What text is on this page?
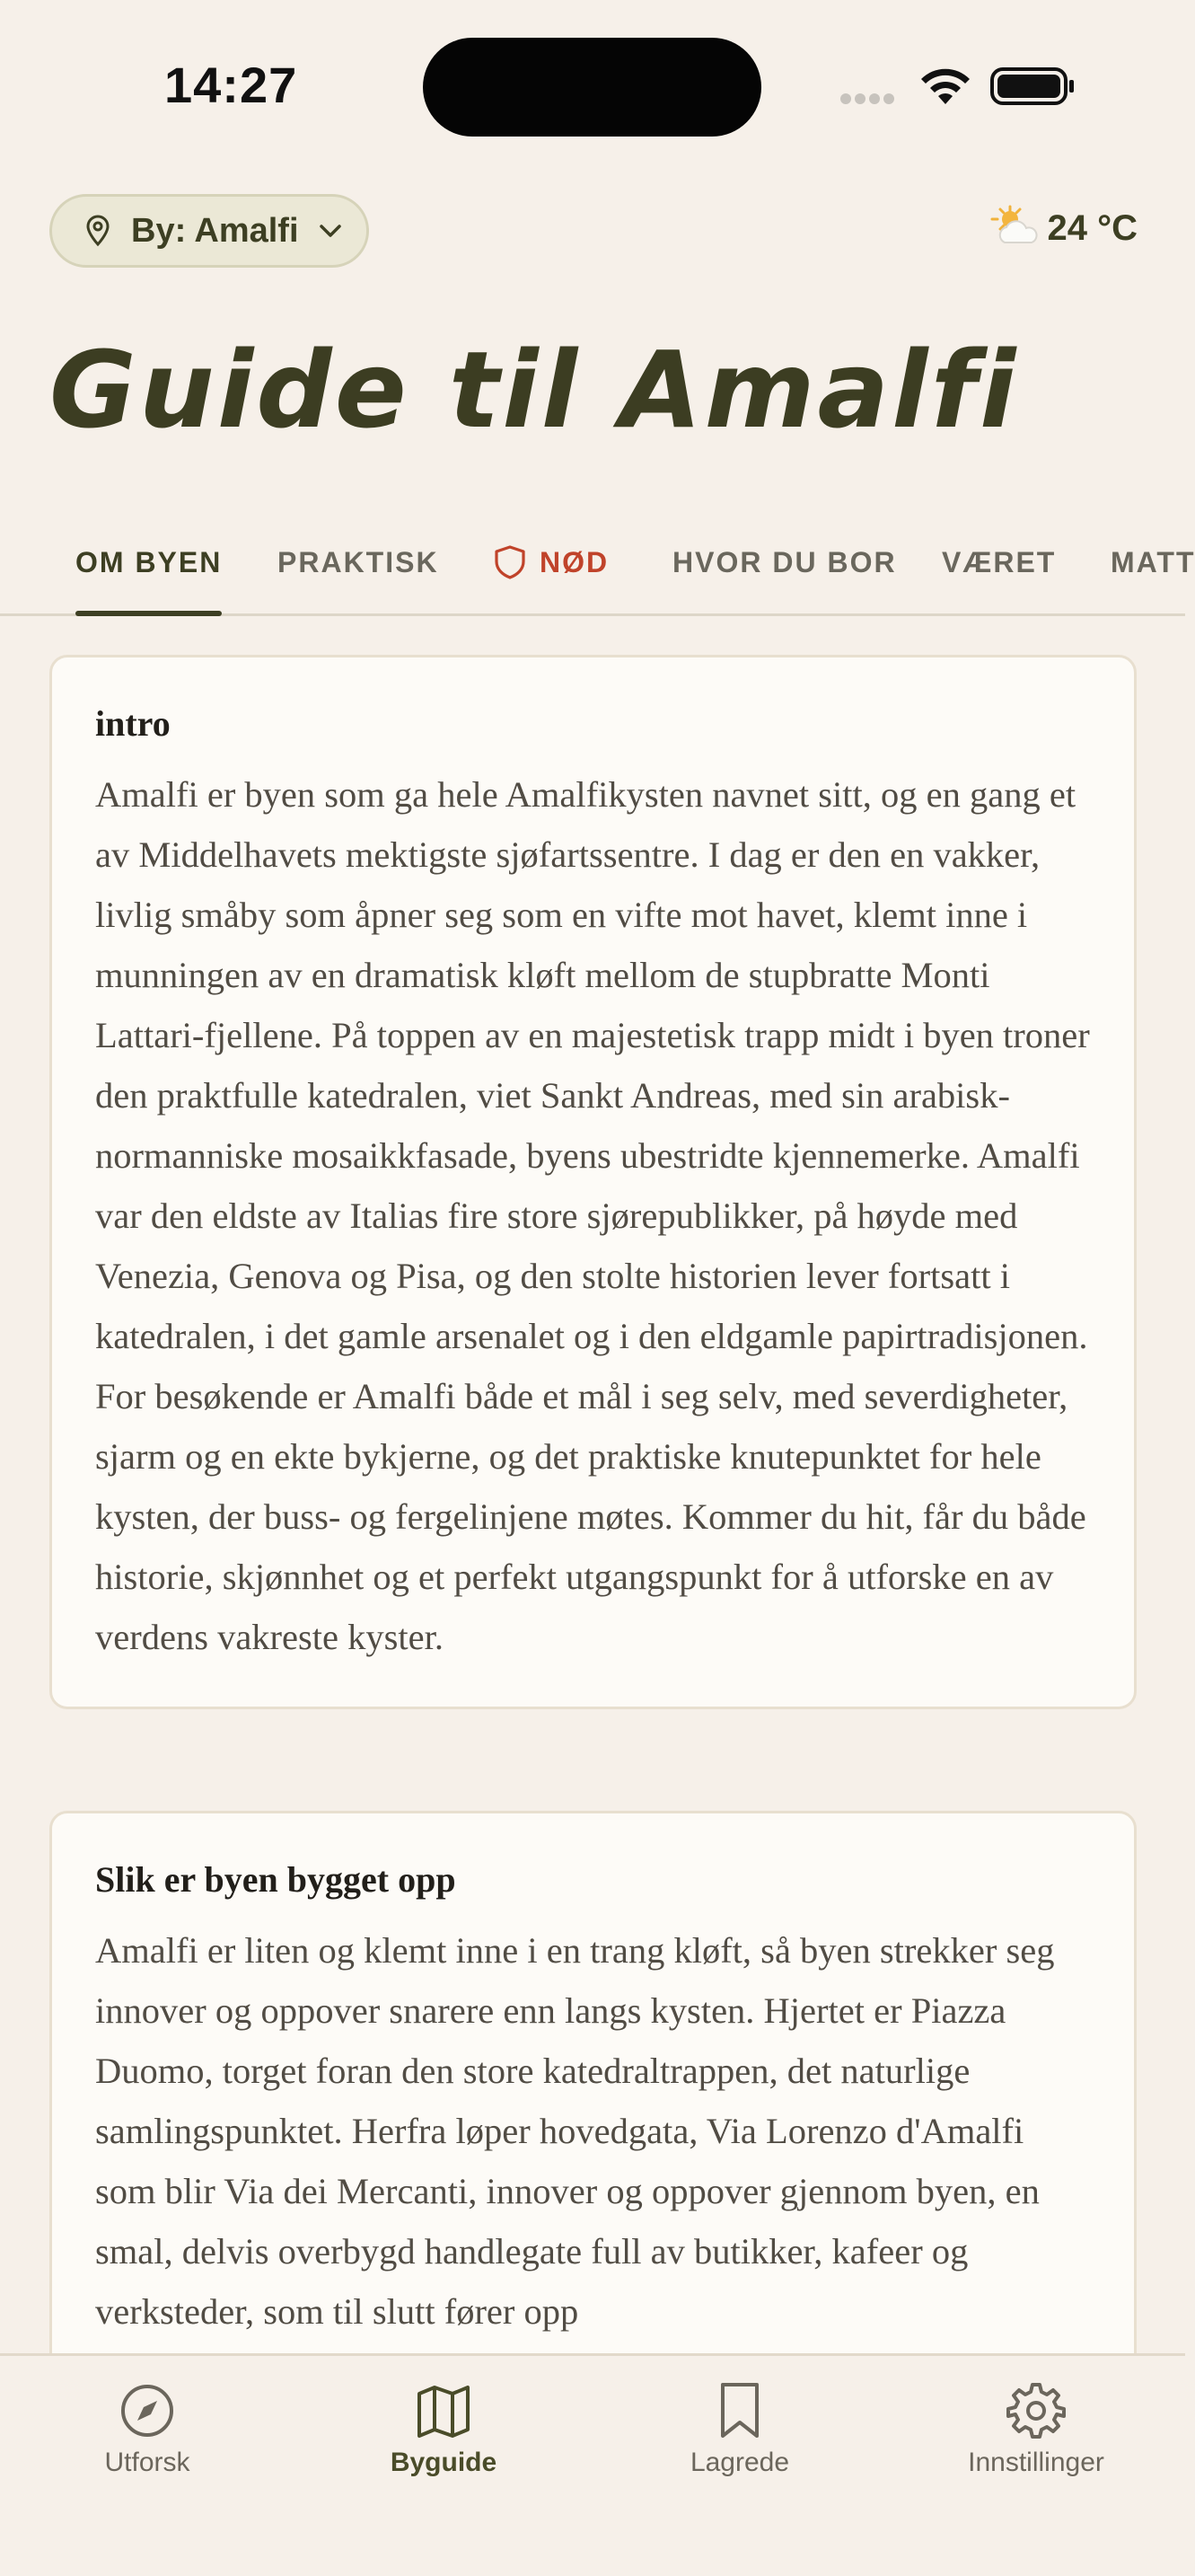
14:27
By: Amalfi	24 °C
Guide til Amalfi
OM BYEN PRAKTISK	NØD HVOR DU BOR VÆRET MATT
intro

Amalfi er byen som ga hele Amalfikysten navnet sitt, og en gang et av Middelhavets mektigste sjøfartssentre. I dag er den en vakker, livlig småby som åpner seg som en vifte mot havet, klemt inne i munningen av en dramatisk kløft mellom de stupbratte Monti Lattari-fjellene. På toppen av en majestetisk trapp midt i byen troner den praktfulle katedralen, viet Sankt Andreas, med sin arabisk-normanniske mosaikkfasade, byens ubestridte kjennemerke. Amalfi var den eldste av Italias fire store sjørepublikker, på høyde med Venezia, Genova og Pisa, og den stolte historien lever fortsatt i katedralen, i det gamle arsenalet og i den eldgamle papirtradisjonen. For besøkende er Amalfi både et mål i seg selv, med severdigheter, sjarm og en ekte bykjerne, og det praktiske knutepunktet for hele kysten, der buss- og fergelinjene møtes. Kommer du hit, får du både historie, skjønnhet og et perfekt utgangspunkt for å utforske en av verdens vakreste kyster.

Slik er byen bygget opp

Amalfi er liten og klemt inne i en trang kløft, så byen strekker seg innover og oppover snarere enn langs kysten. Hjertet er Piazza Duomo, torget foran den store katedraltrappen, det naturlige samlingspunktet. Herfra løper hovedgata, Via Lorenzo d'Amalfi som blir Via dei Mercanti, innover og oppover gjennom byen, en smal, delvis overbygd handlegate full av butikker, kafeer og verksteder, som til slutt fører opp

Utforsk	Byguide	Lagrede	Innstillinger
